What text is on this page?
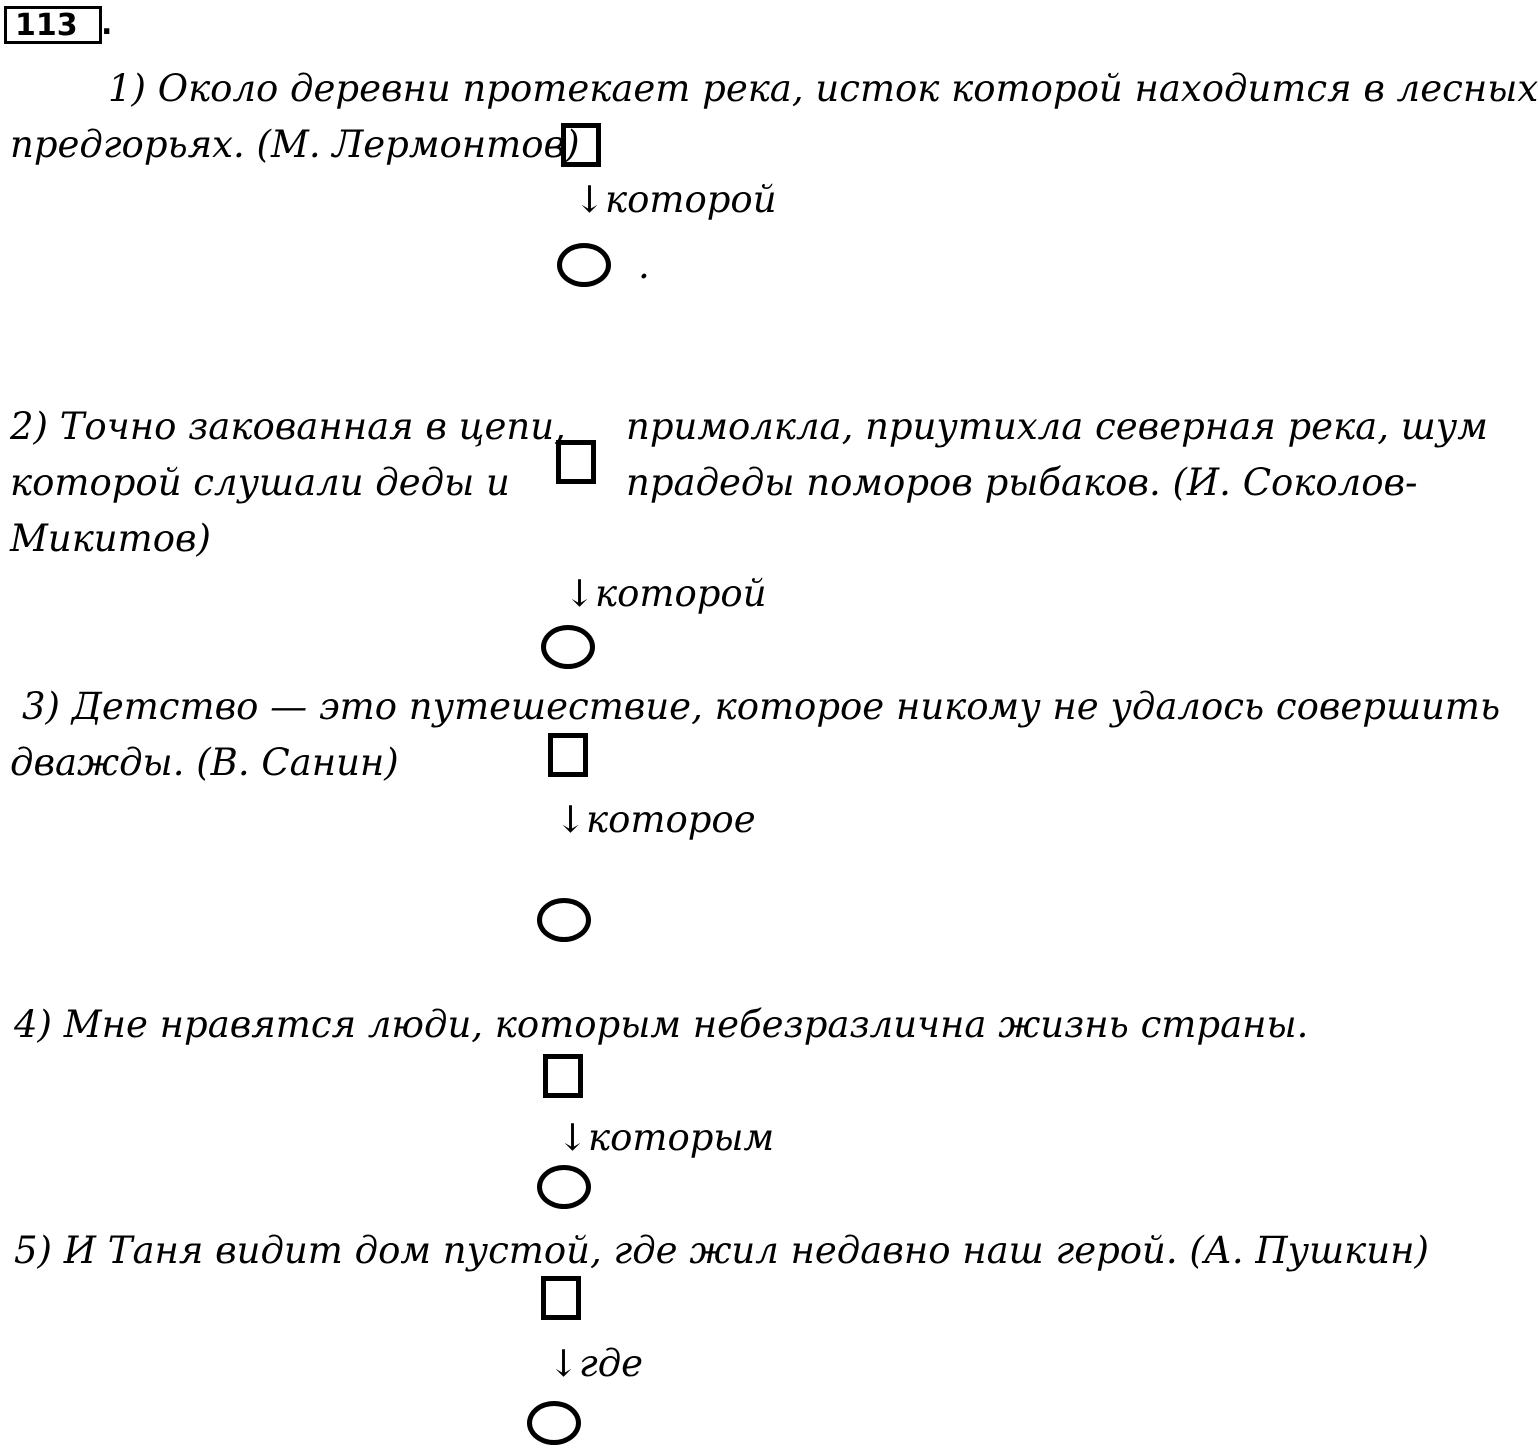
113 .
1) Около деревни протекает река, исток которой находится в лесных
предгорьях. (М. Лермонтов)
↓которой
.
2) Точно закованная в цепи,
которой слушали деды и
Микитов)
примолкла, приутихла северная река, шум
прадеды поморов рыбаков. (И. Соколов-
↓которой
3) Детство — это путешествие, которое никому не удалось совершить
дважды. (В. Санин)
↓которое
4) Мне нравятся люди, которым небезразлична жизнь страны.
↓которым
5) И Таня видит дом пустой, где жил недавно наш герой. (А. Пушкин)
↓где
